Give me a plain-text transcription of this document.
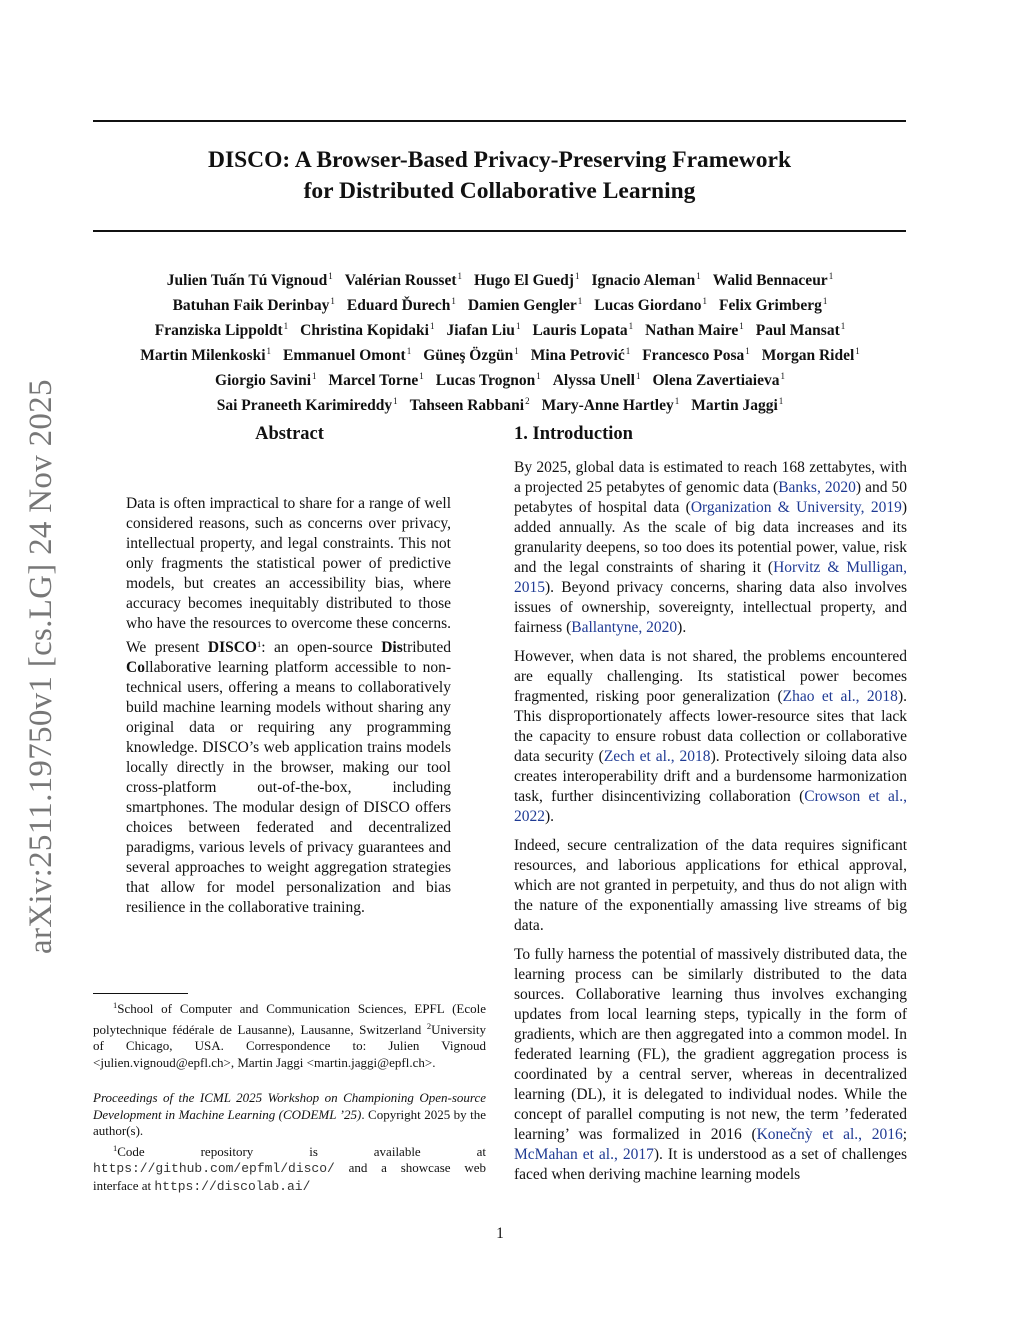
DISCO: A Browser-Based Privacy-Preserving Framework
for Distributed Collaborative Learning
Julien Tuấn Tú Vignoud$^1$ Valérian Rousset$^1$ Hugo El Guedj$^1$ Ignacio Aleman$^1$ Walid Bennaceur$^1$
Batuhan Faik Derinbay$^1$ Eduard Ďurech$^1$ Damien Gengler$^1$ Lucas Giordano$^1$ Felix Grimberg$^1$
Franziska Lippoldt$^1$ Christina Kopidaki$^1$ Jiafan Liu$^1$ Lauris Lopata$^1$ Nathan Maire$^1$ Paul Mansat$^1$
Martin Milenkoski$^1$ Emmanuel Omont$^1$ Güneş Özgün$^1$ Mina Petrović$^1$ Francesco Posa$^1$ Morgan Ridel$^1$
Giorgio Savini$^1$ Marcel Torne$^1$ Lucas Trognon$^1$ Alyssa Unell$^1$ Olena Zavertiaieva$^1$
Sai Praneeth Karimireddy$^1$ Tahseen Rabbani$^2$ Mary-Anne Hartley$^1$ Martin Jaggi$^1$
arXiv:2511.19750v1 [cs.LG] 24 Nov 2025	Abstract
Data is often impractical to share for a range of well considered reasons, such as concerns over privacy, intellectual property, and legal constraints. This not only fragments the statistical power of predictive models, but creates an accessibility bias, where accuracy becomes inequitably distributed to those who have the resources to overcome these concerns. We present DISCO$^1$: an open-source Distributed Collaborative learning platform accessible to non-technical users, offering a means to collaboratively build machine learning models without sharing any original data or requiring any programming knowledge. DISCO’s web application trains models locally directly in the browser, making our tool cross-platform out-of-the-box, including smartphones. The modular design of DISCO offers choices between federated and decentralized paradigms, various levels of privacy guarantees and several approaches to weight aggregation strategies that allow for model personalization and bias resilience in the collaborative training.
1. Introduction

By 2025, global data is estimated to reach 168 zettabytes, with a projected 25 petabytes of genomic data (Banks, 2020) and 50 petabytes of hospital data (Organization & University, 2019) added annually. As the scale of big data increases and its granularity deepens, so too does its potential power, value, risk and the legal constraints of sharing it (Horvitz & Mulligan, 2015). Beyond privacy concerns, sharing data also involves issues of ownership, sovereignty, intellectual property, and fairness (Ballantyne, 2020).

However, when data is not shared, the problems encountered are equally challenging. Its statistical power becomes fragmented, risking poor generalization (Zhao et al., 2018). This disproportionately affects lower-resource sites that lack the capacity to ensure robust data collection or collaborative data security (Zech et al., 2018). Protectively siloing data also creates interoperability drift and a burdensome harmonization task, further disincentivizing collaboration (Crowson et al., 2022).

Indeed, secure centralization of the data requires significant resources, and laborious applications for ethical approval, which are not granted in perpetuity, and thus do not align with the nature of the exponentially amassing live streams of big data.

To fully harness the potential of massively distributed data, the learning process can be similarly distributed to the data sources. Collaborative learning thus involves exchanging updates from local learning steps, typically in the form of gradients, which are then aggregated into a common model. In federated learning (FL), the gradient aggregation process is coordinated by a central server, whereas in decentralized learning (DL), it is delegated to individual nodes. While the concept of parallel computing is not new, the term ’federated learning’ was formalized in 2016 (Konečnỳ et al., 2016; McMahan et al., 2017). It is understood as a set of challenges faced when deriving machine learning models

$^1$School of Computer and Communication Sciences, EPFL (Ecole polytechnique fédérale de Lausanne), Lausanne, Switzerland $^2$University of Chicago, USA. Correspondence to: Julien Vignoud <julien.vignoud@epfl.ch>, Martin Jaggi <martin.jaggi@epfl.ch>.

Proceedings of the ICML 2025 Workshop on Championing Open-source Development in Machine Learning (CODEML ’25). Copyright 2025 by the author(s).

$^1$Code repository is available at https://github.com/epfml/disco/ and a showcase web interface at https://discolab.ai/

1
